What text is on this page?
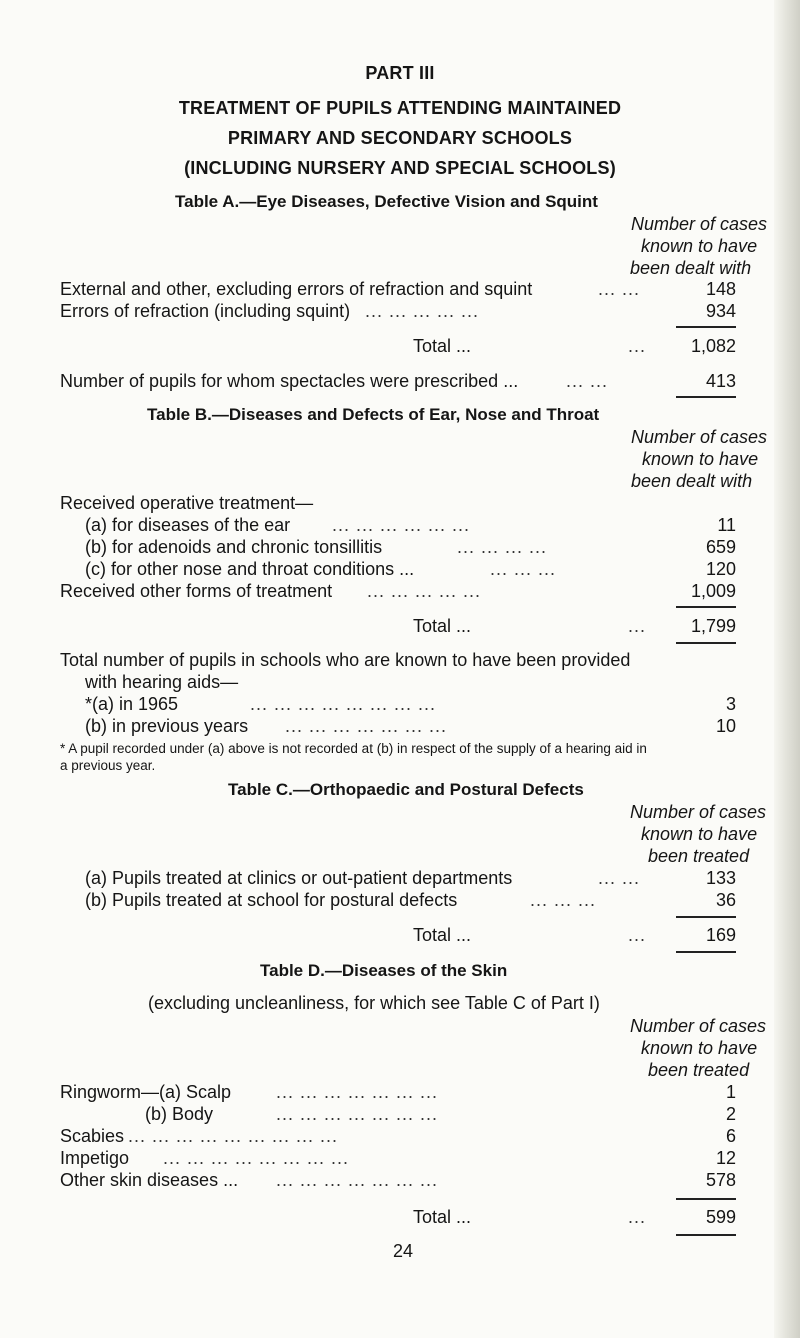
PART III
TREATMENT OF PUPILS ATTENDING MAINTAINED
PRIMARY AND SECONDARY SCHOOLS
(INCLUDING NURSERY AND SPECIAL SCHOOLS)
Table A.—Eye Diseases, Defective Vision and Squint
Number of cases
known to have
been dealt with
External and other, excluding errors of refraction and squint	... ...	148
Errors of refraction (including squint) ... ... ... ... ...	934
Total ...	...	1,082
Number of pupils for whom spectacles were prescribed ...	... ...	413
Table B.—Diseases and Defects of Ear, Nose and Throat
Number of cases
known to have
been dealt with
Received operative treatment—
(a) for diseases of the ear ... ... ... ... ... ...	11
(b) for adenoids and chronic tonsillitis	... ... ... ...	659
(c) for other nose and throat conditions ...	... ... ...	120
Received other forms of treatment ... ... ... ... ...	1,009
Total ...	...	1,799
Total number of pupils in schools who are known to have been provided
with hearing aids—
*(a) in 1965	... ... ... ... ... ... ... ...	3
(b) in previous years ... ... ... ... ... ... ...	10
* A pupil recorded under (a) above is not recorded at (b) in respect of the supply of a hearing aid in
a previous year.
Table C.—Orthopaedic and Postural Defects
Number of cases
known to have
been treated
(a) Pupils treated at clinics or out-patient departments	... ...	133
(b) Pupils treated at school for postural defects	... ... ...	36
Total ...	...	169
Table D.—Diseases of the Skin
(excluding uncleanliness, for which see Table C of Part I)
Number of cases
known to have
been treated
Ringworm—(a) Scalp ... ... ... ... ... ... ...	1
(b) Body	... ... ... ... ... ... ...	2
Scabies ... ... ... ... ... ... ... ... ...	6
Impetigo ... ... ... ... ... ... ... ...	12
Other skin diseases ... ... ... ... ... ... ... ...	578
Total ...	...	599
24
